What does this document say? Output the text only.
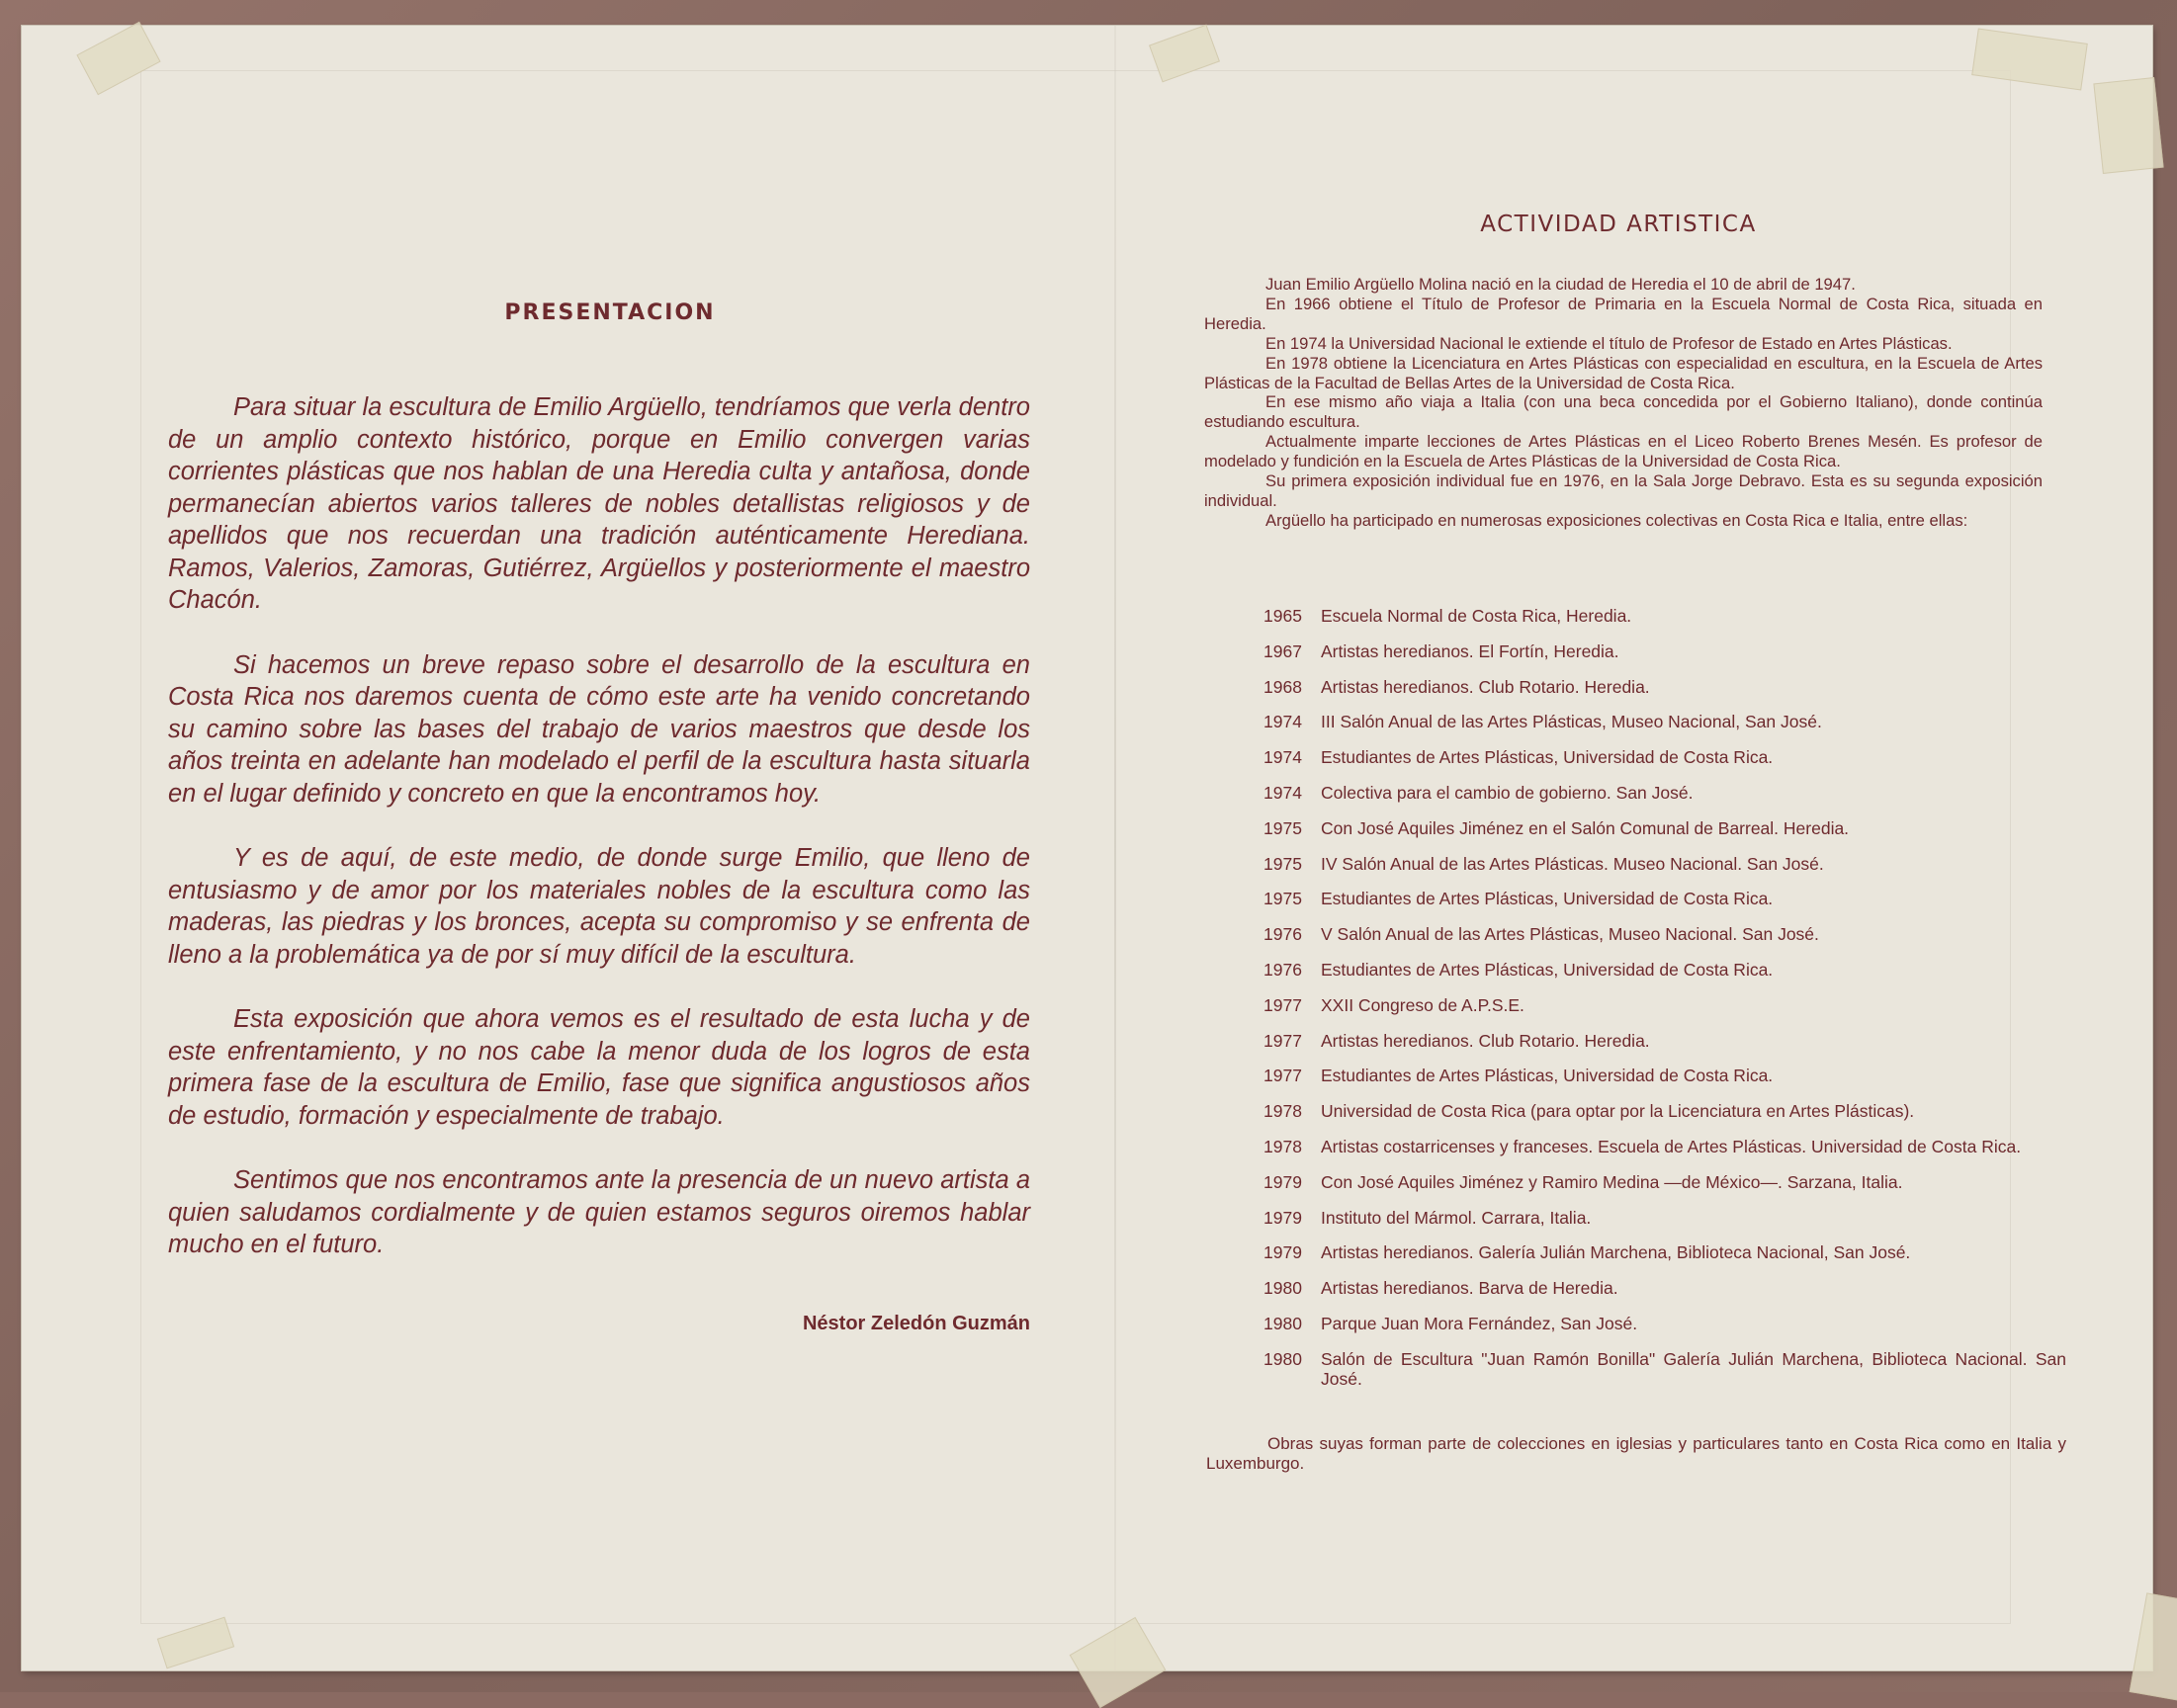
PRESENTACION

Para situar la escultura de Emilio Argüello, tendríamos que verla dentro de un amplio contexto histórico, porque en Emilio convergen varias corrientes plásticas que nos hablan de una Heredia culta y antañosa, donde permanecían abiertos varios talleres de nobles detallistas religiosos y de apellidos que nos recuerdan una tradición auténticamente Herediana. Ramos, Valerios, Zamoras, Gutiérrez, Argüellos y posteriormente el maestro Chacón.

Si hacemos un breve repaso sobre el desarrollo de la escultura en Costa Rica nos daremos cuenta de cómo este arte ha venido concretando su camino sobre las bases del trabajo de varios maestros que desde los años treinta en adelante han modelado el perfil de la escultura hasta situarla en el lugar definido y concreto en que la encontramos hoy.

Y es de aquí, de este medio, de donde surge Emilio, que lleno de entusiasmo y de amor por los materiales nobles de la escultura como las maderas, las piedras y los bronces, acepta su compromiso y se enfrenta de lleno a la problemática ya de por sí muy difícil de la escultura.

Esta exposición que ahora vemos es el resultado de esta lucha y de este enfrentamiento, y no nos cabe la menor duda de los logros de esta primera fase de la escultura de Emilio, fase que significa angustiosos años de estudio, formación y especialmente de trabajo.

Sentimos que nos encontramos ante la presencia de un nuevo artista a quien saludamos cordialmente y de quien estamos seguros oiremos hablar mucho en el futuro.

Néstor Zeledón Guzmán
ACTIVIDAD ARTISTICA

Juan Emilio Argüello Molina nació en la ciudad de Heredia el 10 de abril de 1947.

En 1966 obtiene el Título de Profesor de Primaria en la Escuela Normal de Costa Rica, situada en Heredia.

En 1974 la Universidad Nacional le extiende el título de Profesor de Estado en Artes Plásticas.

En 1978 obtiene la Licenciatura en Artes Plásticas con especialidad en escultura, en la Escuela de Artes Plásticas de la Facultad de Bellas Artes de la Universidad de Costa Rica.

En ese mismo año viaja a Italia (con una beca concedida por el Gobierno Italiano), donde continúa estudiando escultura.

Actualmente imparte lecciones de Artes Plásticas en el Liceo Roberto Brenes Mesén. Es profesor de modelado y fundición en la Escuela de Artes Plásticas de la Universidad de Costa Rica.

Su primera exposición individual fue en 1976, en la Sala Jorge Debravo. Esta es su segunda exposición individual.

Argüello ha participado en numerosas exposiciones colectivas en Costa Rica e Italia, entre ellas:

1965	Escuela Normal de Costa Rica, Heredia.
1967	Artistas heredianos. El Fortín, Heredia.
1968	Artistas heredianos. Club Rotario. Heredia.
1974	III Salón Anual de las Artes Plásticas, Museo Nacional, San José.
1974	Estudiantes de Artes Plásticas, Universidad de Costa Rica.
1974	Colectiva para el cambio de gobierno. San José.
1975	Con José Aquiles Jiménez en el Salón Comunal de Barreal. Heredia.
1975	IV Salón Anual de las Artes Plásticas. Museo Nacional. San José.
1975	Estudiantes de Artes Plásticas, Universidad de Costa Rica.
1976	V Salón Anual de las Artes Plásticas, Museo Nacional. San José.
1976	Estudiantes de Artes Plásticas, Universidad de Costa Rica.
1977	XXII Congreso de A.P.S.E.
1977	Artistas heredianos. Club Rotario. Heredia.
1977	Estudiantes de Artes Plásticas, Universidad de Costa Rica.
1978	Universidad de Costa Rica (para optar por la Licenciatura en Artes Plásticas).
1978	Artistas costarricenses y franceses. Escuela de Artes Plásticas. Universidad de Costa Rica.
1979	Con José Aquiles Jiménez y Ramiro Medina —de México—. Sarzana, Italia.
1979	Instituto del Mármol. Carrara, Italia.
1979	Artistas heredianos. Galería Julián Marchena, Biblioteca Nacional, San José.
1980	Artistas heredianos. Barva de Heredia.
1980	Parque Juan Mora Fernández, San José.
1980	Salón de Escultura "Juan Ramón Bonilla" Galería Julián Marchena, Biblioteca Nacional. San José.

Obras suyas forman parte de colecciones en iglesias y particulares tanto en Costa Rica como en Italia y Luxemburgo.
